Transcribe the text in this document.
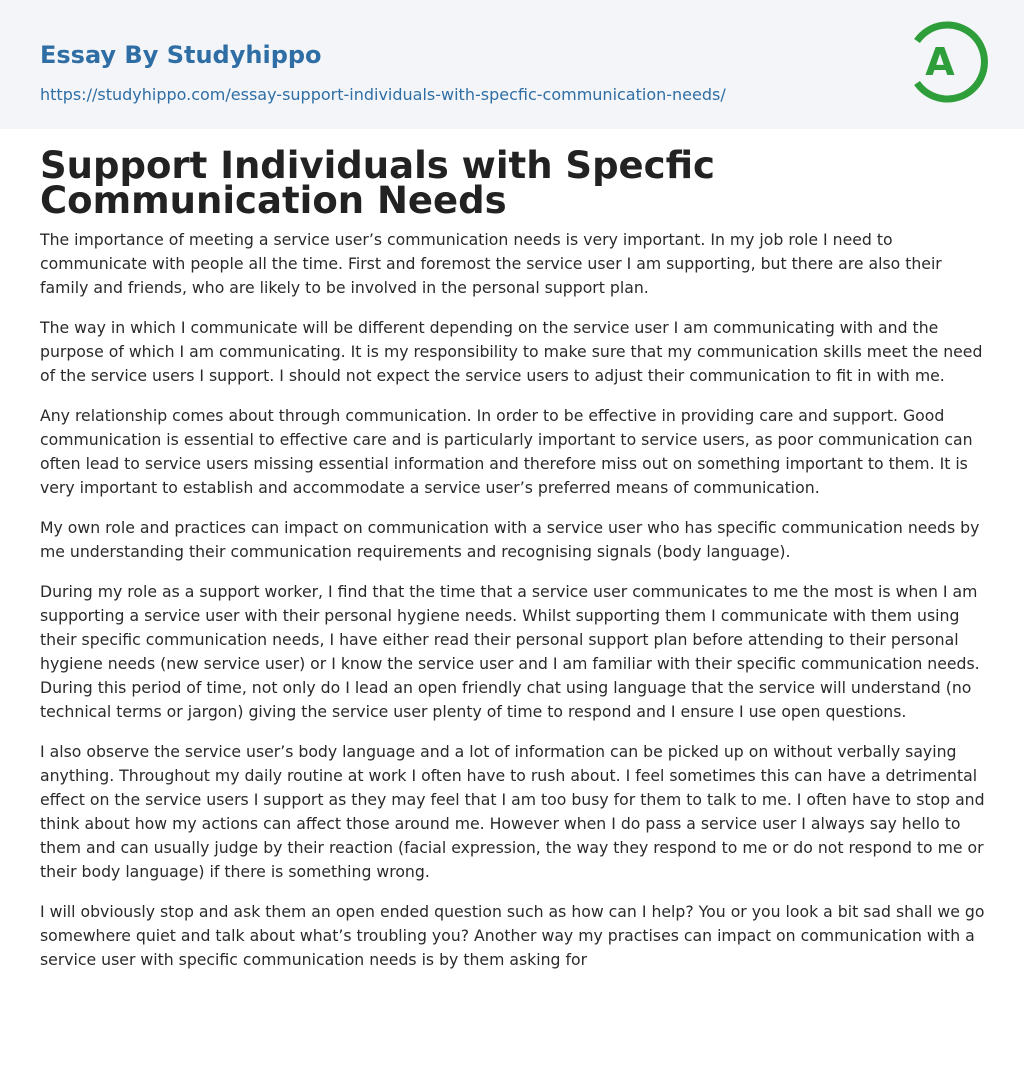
Essay By Studyhippo
https://studyhippo.com/essay-support-individuals-with-specfic-communication-needs/
A
Support Individuals with Specfic Communication Needs

The importance of meeting a service user’s communication needs is very important. In my job role I need to communicate with people all the time. First and foremost the service user I am supporting, but there are also their family and friends, who are likely to be involved in the personal support plan.

The way in which I communicate will be different depending on the service user I am communicating with and the purpose of which I am communicating. It is my responsibility to make sure that my communication skills meet the need of the service users I support. I should not expect the service users to adjust their communication to fit in with me.

Any relationship comes about through communication. In order to be effective in providing care and support. Good communication is essential to effective care and is particularly important to service users, as poor communication can often lead to service users missing essential information and therefore miss out on something important to them. It is very important to establish and accommodate a service user’s preferred means of communication.

My own role and practices can impact on communication with a service user who has specific communication needs by me understanding their communication requirements and recognising signals (body language).

During my role as a support worker, I find that the time that a service user communicates to me the most is when I am supporting a service user with their personal hygiene needs. Whilst supporting them I communicate with them using their specific communication needs, I have either read their personal support plan before attending to their personal hygiene needs (new service user) or I know the service user and I am familiar with their specific communication needs. During this period of time, not only do I lead an open friendly chat using language that the service will understand (no technical terms or jargon) giving the service user plenty of time to respond and I ensure I use open questions.

I also observe the service user’s body language and a lot of information can be picked up on without verbally saying anything. Throughout my daily routine at work I often have to rush about. I feel sometimes this can have a detrimental effect on the service users I support as they may feel that I am too busy for them to talk to me. I often have to stop and think about how my actions can affect those around me. However when I do pass a service user I always say hello to them and can usually judge by their reaction (facial expression, the way they respond to me or do not respond to me or their body language) if there is something wrong.

I will obviously stop and ask them an open ended question such as how can I help? You or you look a bit sad shall we go somewhere quiet and talk about what’s troubling you? Another way my practises can impact on communication with a service user with specific communication needs is by them asking for
